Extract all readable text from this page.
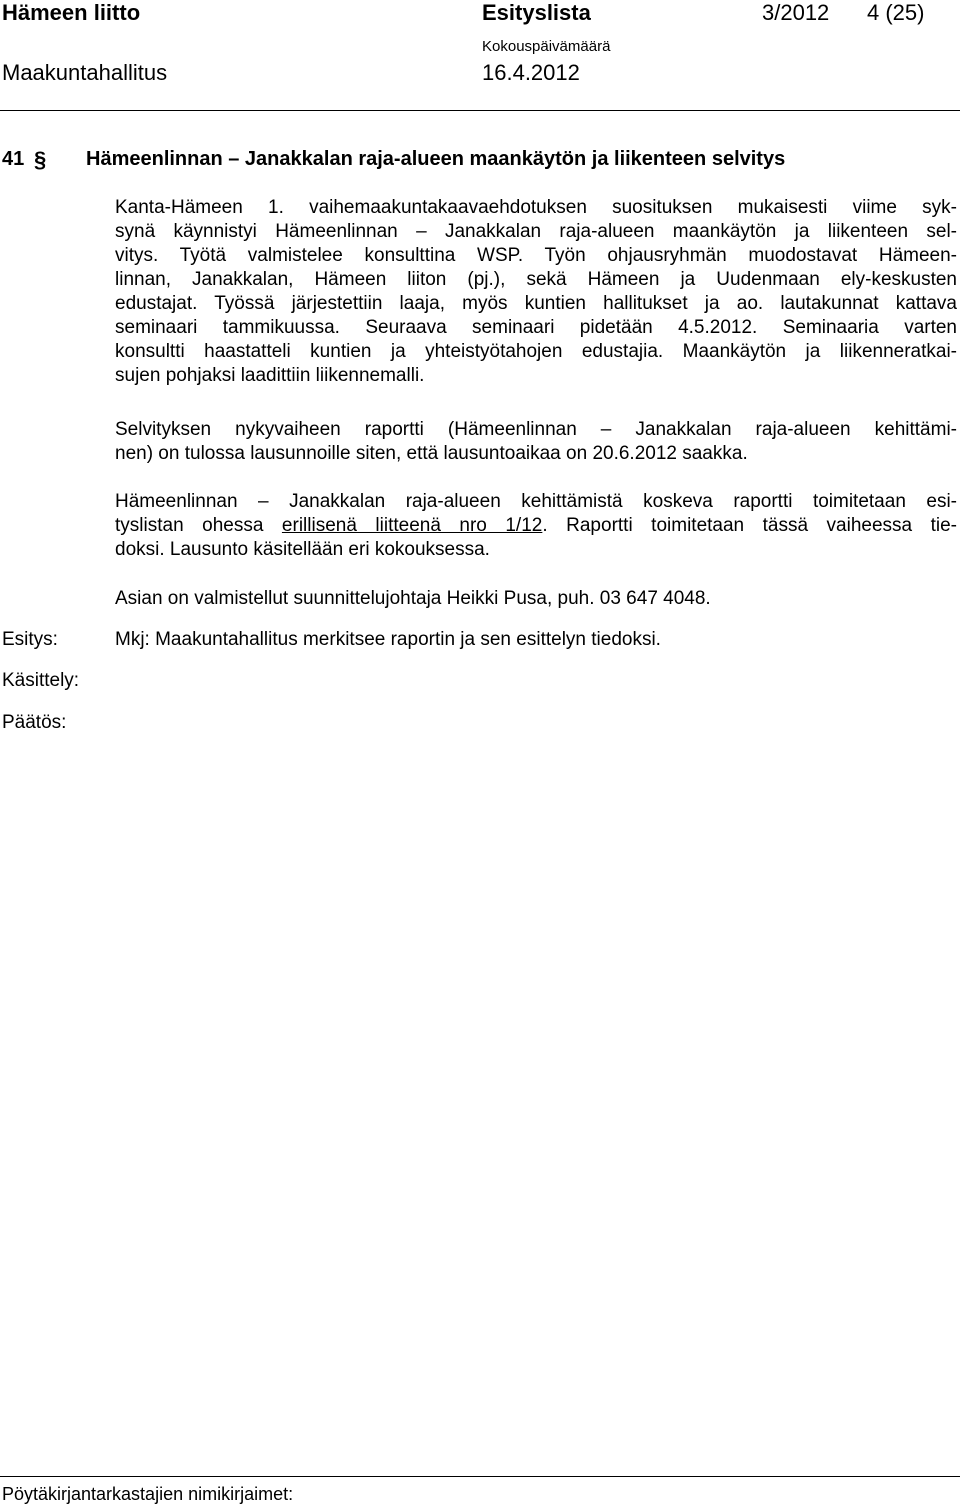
Hämeen liitto	Esityslista	3/2012 4 (25)
Kokouspäivämäärä
Maakuntahallitus	16.4.2012
41 § Hämeenlinnan – Janakkalan raja-alueen maankäytön ja liikenteen selvitys
Kanta-Hämeen 1. vaihemaakuntakaavaehdotuksen suosituksen mukaisesti viime syk-
synä käynnistyi Hämeenlinnan – Janakkalan raja-alueen maankäytön ja liikenteen sel-
vitys. Työtä valmistelee konsulttina WSP. Työn ohjausryhmän muodostavat Hämeen-
linnan, Janakkalan, Hämeen liiton (pj.), sekä Hämeen ja Uudenmaan ely-keskusten
edustajat. Työssä järjestettiin laaja, myös kuntien hallitukset ja ao. lautakunnat kattava
seminaari tammikuussa. Seuraava seminaari pidetään 4.5.2012. Seminaaria varten
konsultti haastatteli kuntien ja yhteistyötahojen edustajia. Maankäytön ja liikenneratkai-
sujen pohjaksi laadittiin liikennemalli.
Selvityksen nykyvaiheen raportti (Hämeenlinnan – Janakkalan raja-alueen kehittämi-
nen) on tulossa lausunnoille siten, että lausuntoaikaa on 20.6.2012 saakka.
Hämeenlinnan – Janakkalan raja-alueen kehittämistä koskeva raportti toimitetaan esi-
tyslistan ohessa erillisenä liitteenä nro 1/12. Raportti toimitetaan tässä vaiheessa tie-
doksi. Lausunto käsitellään eri kokouksessa.
Asian on valmistellut suunnittelujohtaja Heikki Pusa, puh. 03 647 4048.
Esitys:	Mkj: Maakuntahallitus merkitsee raportin ja sen esittelyn tiedoksi.
Käsittely:
Päätös:
Pöytäkirjantarkastajien nimikirjaimet:
